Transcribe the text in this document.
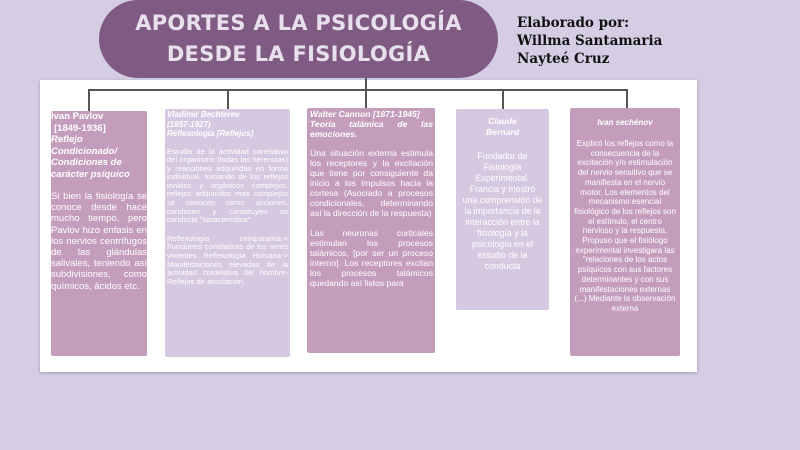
APORTES A LA PSICOLOGÍA DESDE LA FISIOLOGÍA
Elaborado por:
Willma Santamaria
Nayteé Cruz
Ivan Pavlov
[1849-1936]
Reflejo Condicionado/ Condiciones de carácter psíquico
Si bien la fisiología se conoce desde hace mucho tiempo, pero Pavlov hizo enfasis en los nervios centrífugos de las glándulas salivales, teniendo así subdivisiones, como químicos, ácidos etc.
Vladimir Bechterev
(1857-1927)
Reflexología [Reflejos]
Estudio de la actividad correlativa del organismo (todas las herencias) y reacciones adquiridas en forma individual. Iniciando de los reflejos innatos y orgánicos complejos. reflejos adquiridos mas complejos se conocen como acciones, conducen y constituyen su conducta "característica"
Reflexología comparativa-> Funciones correlativas de los seres vivientes Reflexología Humana-> Manifestaciones elevadas de la actividad correlativa del hombre- Reflejos de asociación.
Walter Cannon [1871-1945]
Teoría talámica de las emociones.
Una situación externa estimula los receptores y la excitación que tiene por consiguiente da inicio a los impulsos hacia la cortesa (Asociado a procesos condicionales, determinando así la dirección de la respuesta)
Las neuronas corticales estimulan los procesos talámicos, [por ser un proceso interno]. Los receptores excitan los procesos talámicos quedando así listos para
Claude Bernard
Fundador de Fisiología Experimental. Francia y mostró una comprensión de la importancia de la interacción entre la fisiología y la psicología en el estudio de la conducta
Ivan sechénov
Explicó los reflejos como la consecuencia de la excitación y/o estimulación del nervio sensitivo que se manifiesta en el nervio motor. Los elementos del mecanismo esencial fisiológico de los reflejos son el estímulo, el centro nervioso y la respuesta. Propuso que el fisiólogo experimental investigara las "relaciones de los actos psíquicos con sus factores determinantes y con sus manifestaciones externas (...) Mediante la observación externa
